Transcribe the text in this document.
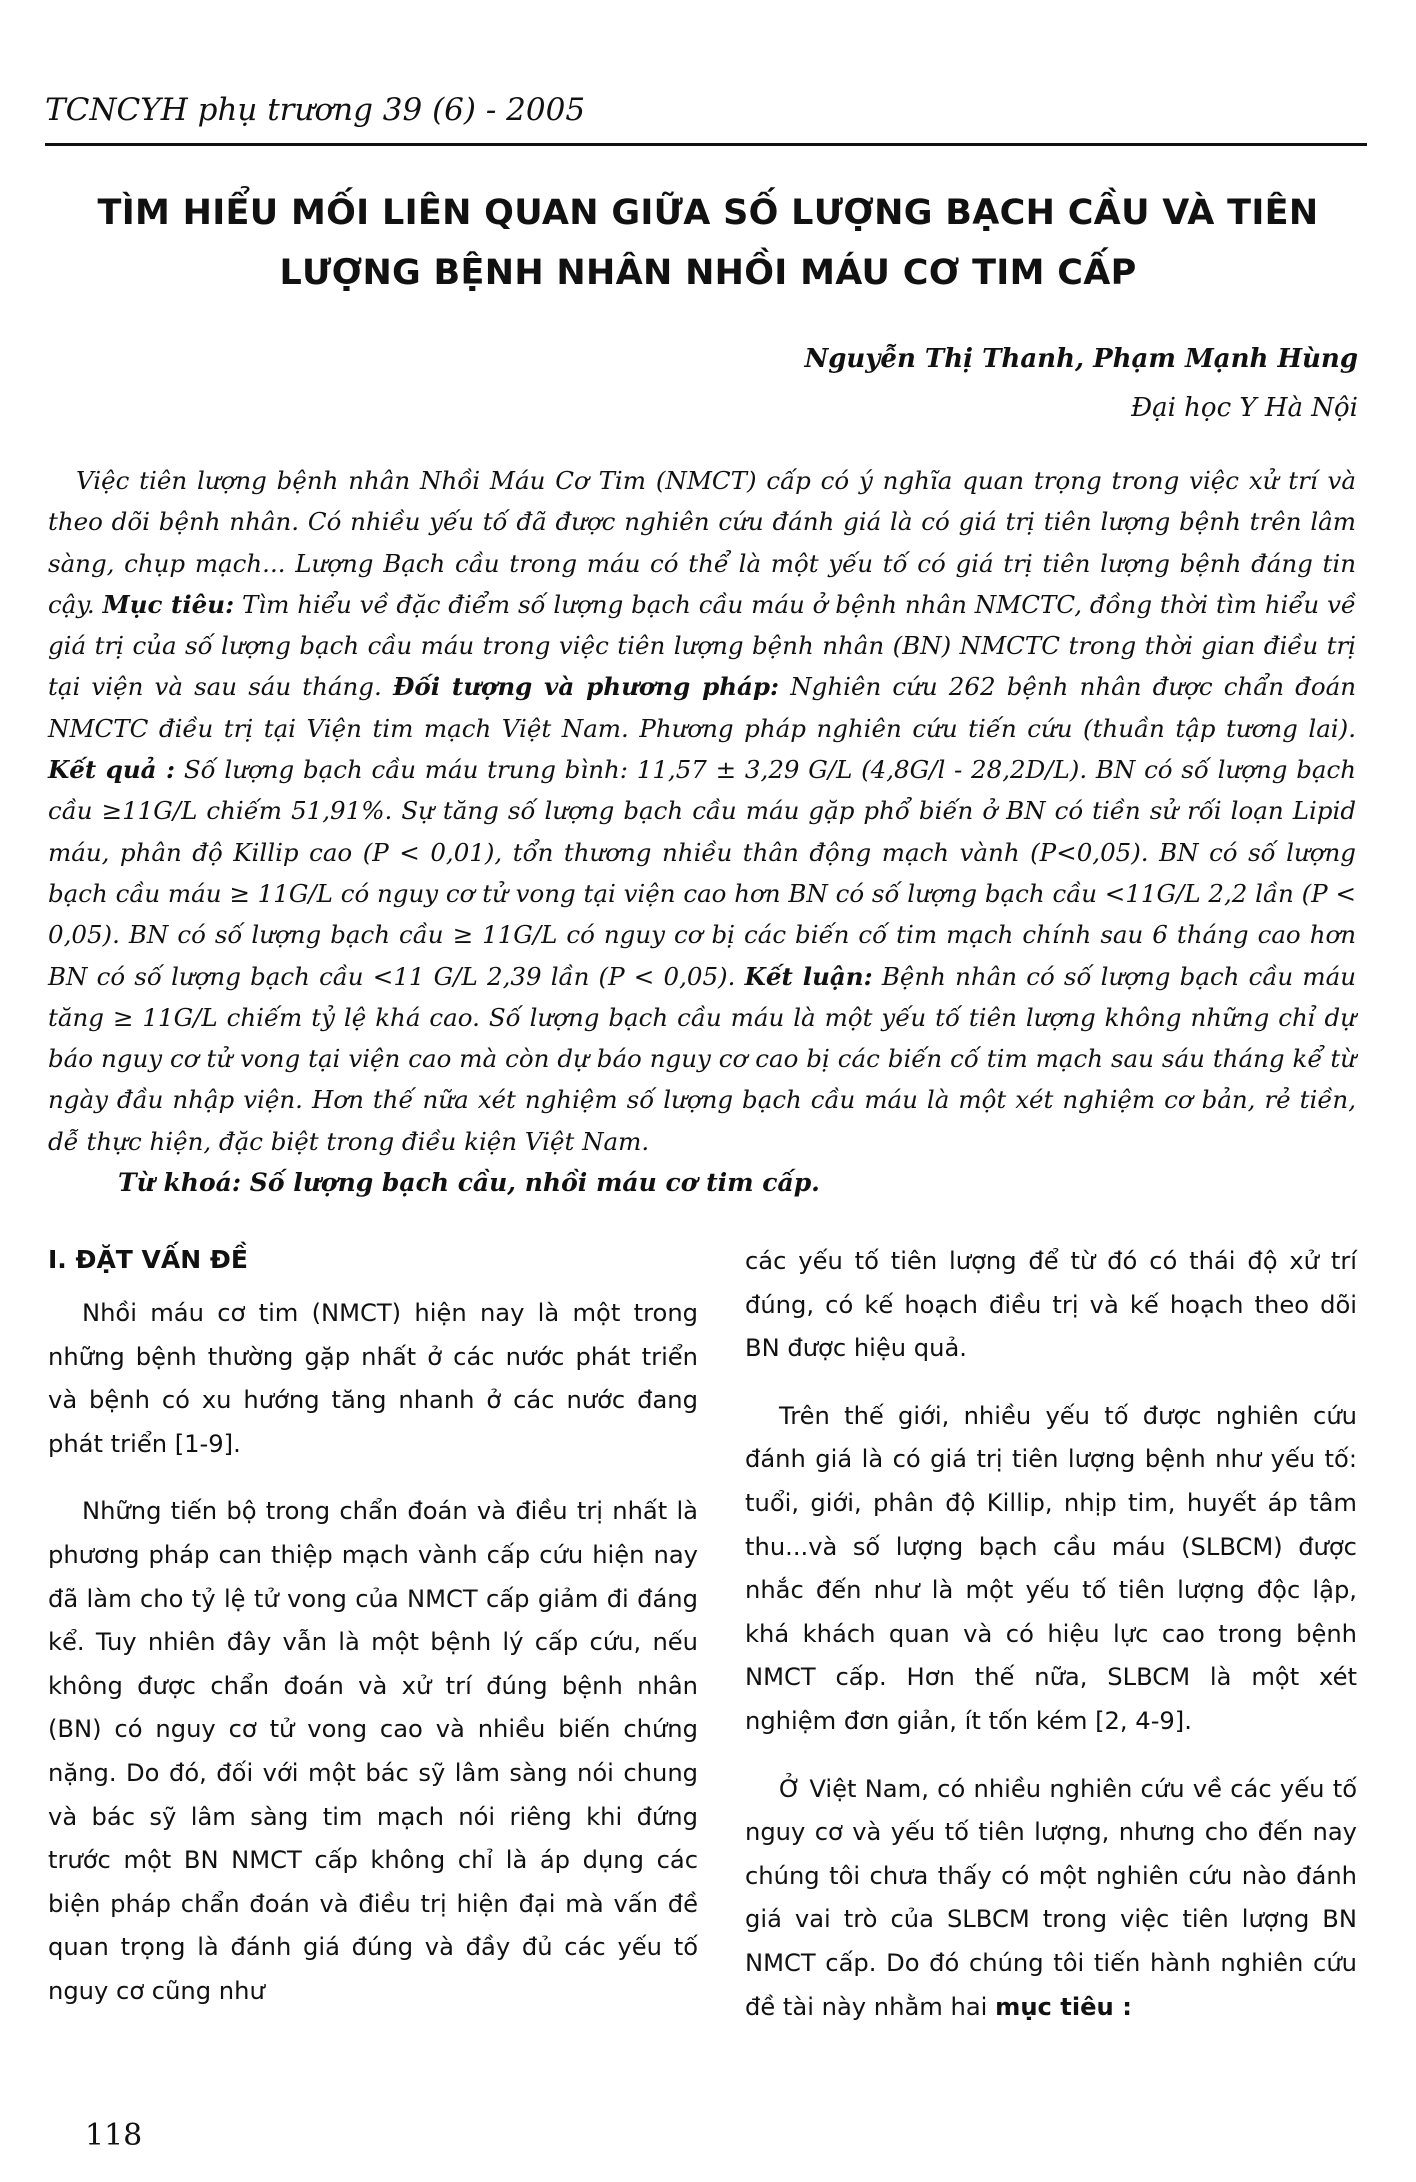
TCNCYH phụ trương 39 (6) - 2005
TÌM HIỂU MỐI LIÊN QUAN GIỮA SỐ LƯỢNG BẠCH CẦU VÀ TIÊN LƯỢNG BỆNH NHÂN NHỒI MÁU CƠ TIM CẤP
Nguyễn Thị Thanh, Phạm Mạnh Hùng
Đại học Y Hà Nội

Việc tiên lượng bệnh nhân Nhồi Máu Cơ Tim (NMCT) cấp có ý nghĩa quan trọng trong việc xử trí và theo dõi bệnh nhân. Có nhiều yếu tố đã được nghiên cứu đánh giá là có giá trị tiên lượng bệnh trên lâm sàng, chụp mạch... Lượng Bạch cầu trong máu có thể là một yếu tố có giá trị tiên lượng bệnh đáng tin cậy. Mục tiêu: Tìm hiểu về đặc điểm số lượng bạch cầu máu ở bệnh nhân NMCTC, đồng thời tìm hiểu về giá trị của số lượng bạch cầu máu trong việc tiên lượng bệnh nhân (BN) NMCTC trong thời gian điều trị tại viện và sau sáu tháng. Đối tượng và phương pháp: Nghiên cứu 262 bệnh nhân được chẩn đoán NMCTC điều trị tại Viện tim mạch Việt Nam. Phương pháp nghiên cứu tiến cứu (thuần tập tương lai). Kết quả : Số lượng bạch cầu máu trung bình: 11,57 ± 3,29 G/L (4,8G/l - 28,2D/L). BN có số lượng bạch cầu ≥11G/L chiếm 51,91%. Sự tăng số lượng bạch cầu máu gặp phổ biến ở BN có tiền sử rối loạn Lipid máu, phân độ Killip cao (P < 0,01), tổn thương nhiều thân động mạch vành (P<0,05). BN có số lượng bạch cầu máu ≥ 11G/L có nguy cơ tử vong tại viện cao hơn BN có số lượng bạch cầu <11G/L 2,2 lần (P < 0,05). BN có số lượng bạch cầu ≥ 11G/L có nguy cơ bị các biến cố tim mạch chính sau 6 tháng cao hơn BN có số lượng bạch cầu <11 G/L 2,39 lần (P < 0,05). Kết luận: Bệnh nhân có số lượng bạch cầu máu tăng ≥ 11G/L chiếm tỷ lệ khá cao. Số lượng bạch cầu máu là một yếu tố tiên lượng không những chỉ dự báo nguy cơ tử vong tại viện cao mà còn dự báo nguy cơ cao bị các biến cố tim mạch sau sáu tháng kể từ ngày đầu nhập viện. Hơn thế nữa xét nghiệm số lượng bạch cầu máu là một xét nghiệm cơ bản, rẻ tiền, dễ thực hiện, đặc biệt trong điều kiện Việt Nam.

Từ khoá: Số lượng bạch cầu, nhồi máu cơ tim cấp.
I. ĐẶT VẤN ĐỀ

Nhồi máu cơ tim (NMCT) hiện nay là một trong những bệnh thường gặp nhất ở các nước phát triển và bệnh có xu hướng tăng nhanh ở các nước đang phát triển [1-9].

Những tiến bộ trong chẩn đoán và điều trị nhất là phương pháp can thiệp mạch vành cấp cứu hiện nay đã làm cho tỷ lệ tử vong của NMCT cấp giảm đi đáng kể. Tuy nhiên đây vẫn là một bệnh lý cấp cứu, nếu không được chẩn đoán và xử trí đúng bệnh nhân (BN) có nguy cơ tử vong cao và nhiều biến chứng nặng. Do đó, đối với một bác sỹ lâm sàng nói chung và bác sỹ lâm sàng tim mạch nói riêng khi đứng trước một BN NMCT cấp không chỉ là áp dụng các biện pháp chẩn đoán và điều trị hiện đại mà vấn đề quan trọng là đánh giá đúng và đầy đủ các yếu tố nguy cơ cũng như

các yếu tố tiên lượng để từ đó có thái độ xử trí đúng, có kế hoạch điều trị và kế hoạch theo dõi BN được hiệu quả.

Trên thế giới, nhiều yếu tố được nghiên cứu đánh giá là có giá trị tiên lượng bệnh như yếu tố: tuổi, giới, phân độ Killip, nhịp tim, huyết áp tâm thu...và số lượng bạch cầu máu (SLBCM) được nhắc đến như là một yếu tố tiên lượng độc lập, khá khách quan và có hiệu lực cao trong bệnh NMCT cấp. Hơn thế nữa, SLBCM là một xét nghiệm đơn giản, ít tốn kém [2, 4-9].

Ở Việt Nam, có nhiều nghiên cứu về các yếu tố nguy cơ và yếu tố tiên lượng, nhưng cho đến nay chúng tôi chưa thấy có một nghiên cứu nào đánh giá vai trò của SLBCM trong việc tiên lượng BN NMCT cấp. Do đó chúng tôi tiến hành nghiên cứu đề tài này nhằm hai mục tiêu :

118
